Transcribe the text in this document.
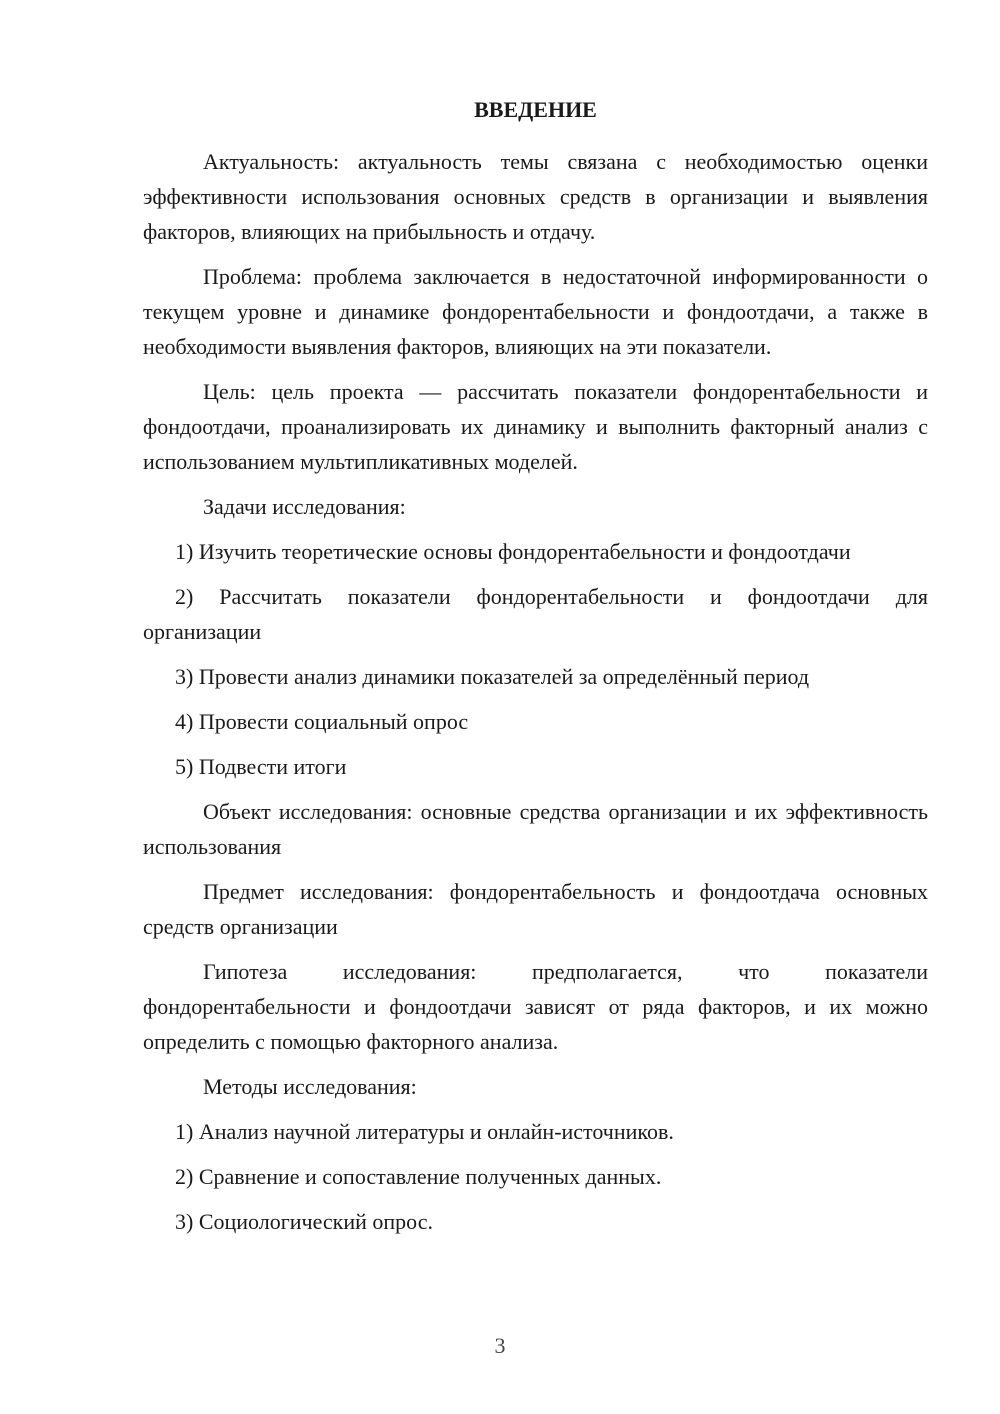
ВВЕДЕНИЕ

Актуальность: актуальность темы связана с необходимостью оценки эффективности использования основных средств в организации и выявления факторов, влияющих на прибыльность и отдачу.

Проблема: проблема заключается в недостаточной информированности о текущем уровне и динамике фондорентабельности и фондоотдачи, а также в необходимости выявления факторов, влияющих на эти показатели.

Цель: цель проекта — рассчитать показатели фондорентабельности и фондоотдачи, проанализировать их динамику и выполнить факторный анализ с использованием мультипликативных моделей.

Задачи исследования:

1) Изучить теоретические основы фондорентабельности и фондоотдачи

2) Рассчитать показатели фондорентабельности и фондоотдачи для организации

3) Провести анализ динамики показателей за определённый период

4) Провести социальный опрос

5) Подвести итоги

Объект исследования: основные средства организации и их эффективность использования

Предмет исследования: фондорентабельность и фондоотдача основных средств организации

Гипотеза исследования: предполагается, что показатели фондорентабельности и фондоотдачи зависят от ряда факторов, и их можно определить с помощью факторного анализа.

Методы исследования:

1) Анализ научной литературы и онлайн-источников.

2) Сравнение и сопоставление полученных данных.

3) Социологический опрос.

3
